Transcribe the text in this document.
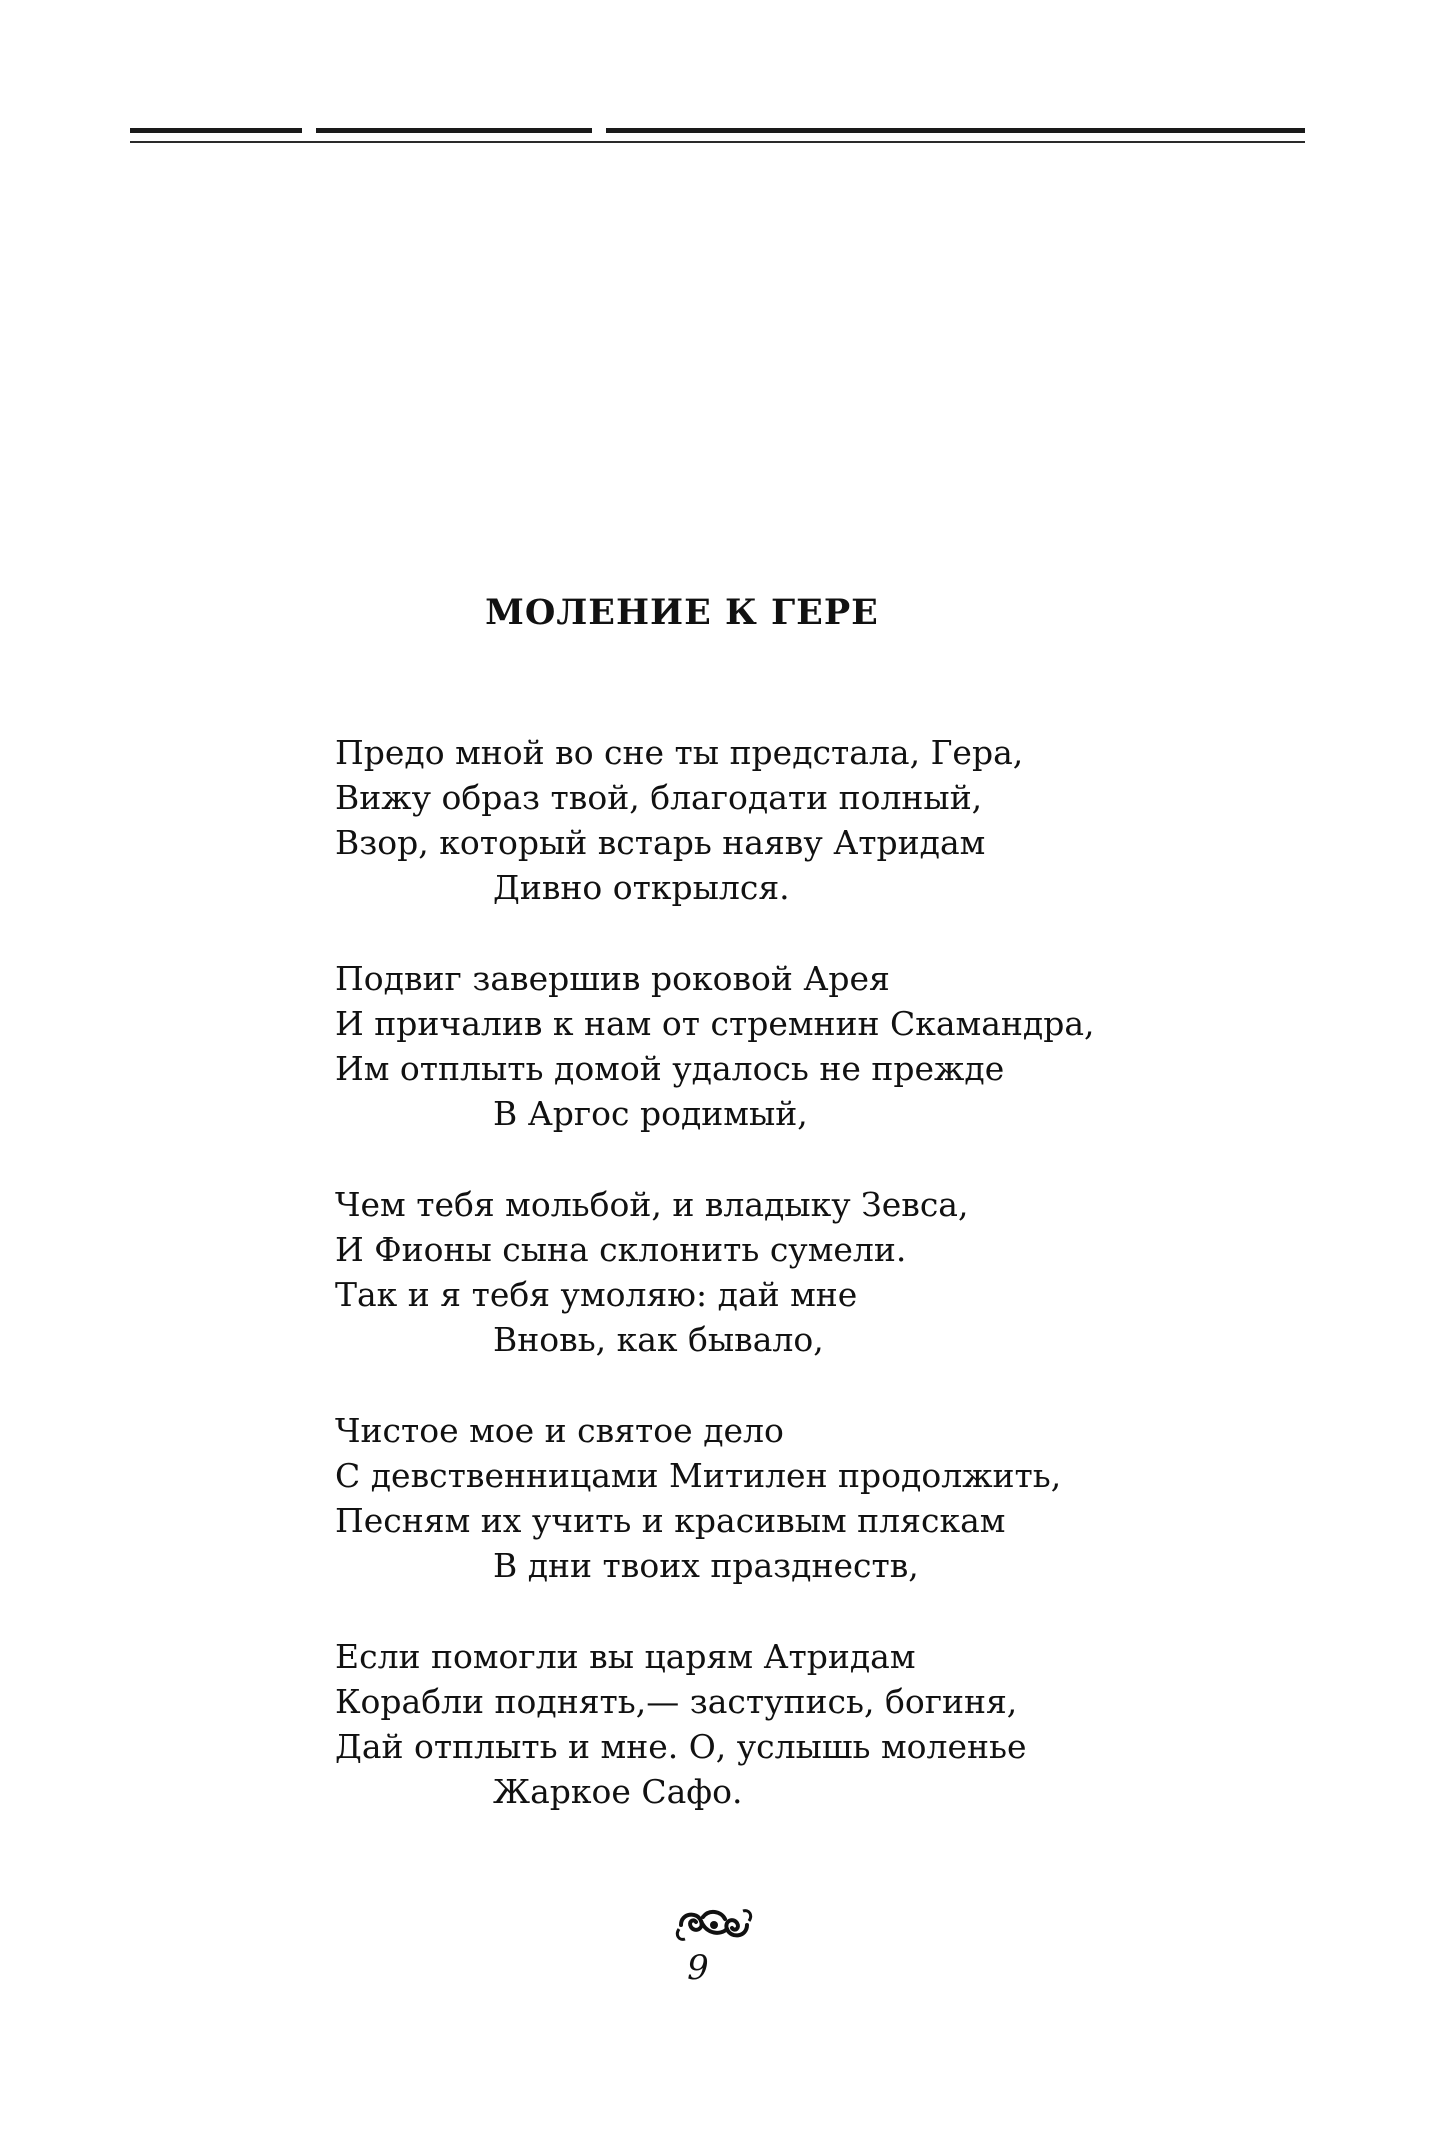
МОЛЕНИЕ К ГЕРЕ
Предо мной во сне ты предстала, Гера,
Вижу образ твой, благодати полный,
Взор, который встарь наяву Атридам
Дивно открылся.
Подвиг завершив роковой Арея
И причалив к нам от стремнин Скамандра,
Им отплыть домой удалось не прежде
В Аргос родимый,
Чем тебя мольбой, и владыку Зевса,
И Фионы сына склонить сумели.
Так и я тебя умоляю: дай мне
Вновь, как бывало,
Чистое мое и святое дело
С девственницами Митилен продолжить,
Песням их учить и красивым пляскам
В дни твоих празднеств,
Если помогли вы царям Атридам
Корабли поднять,— заступись, богиня,
Дай отплыть и мне. О, услышь моленье
Жаркое Сафо.
9
